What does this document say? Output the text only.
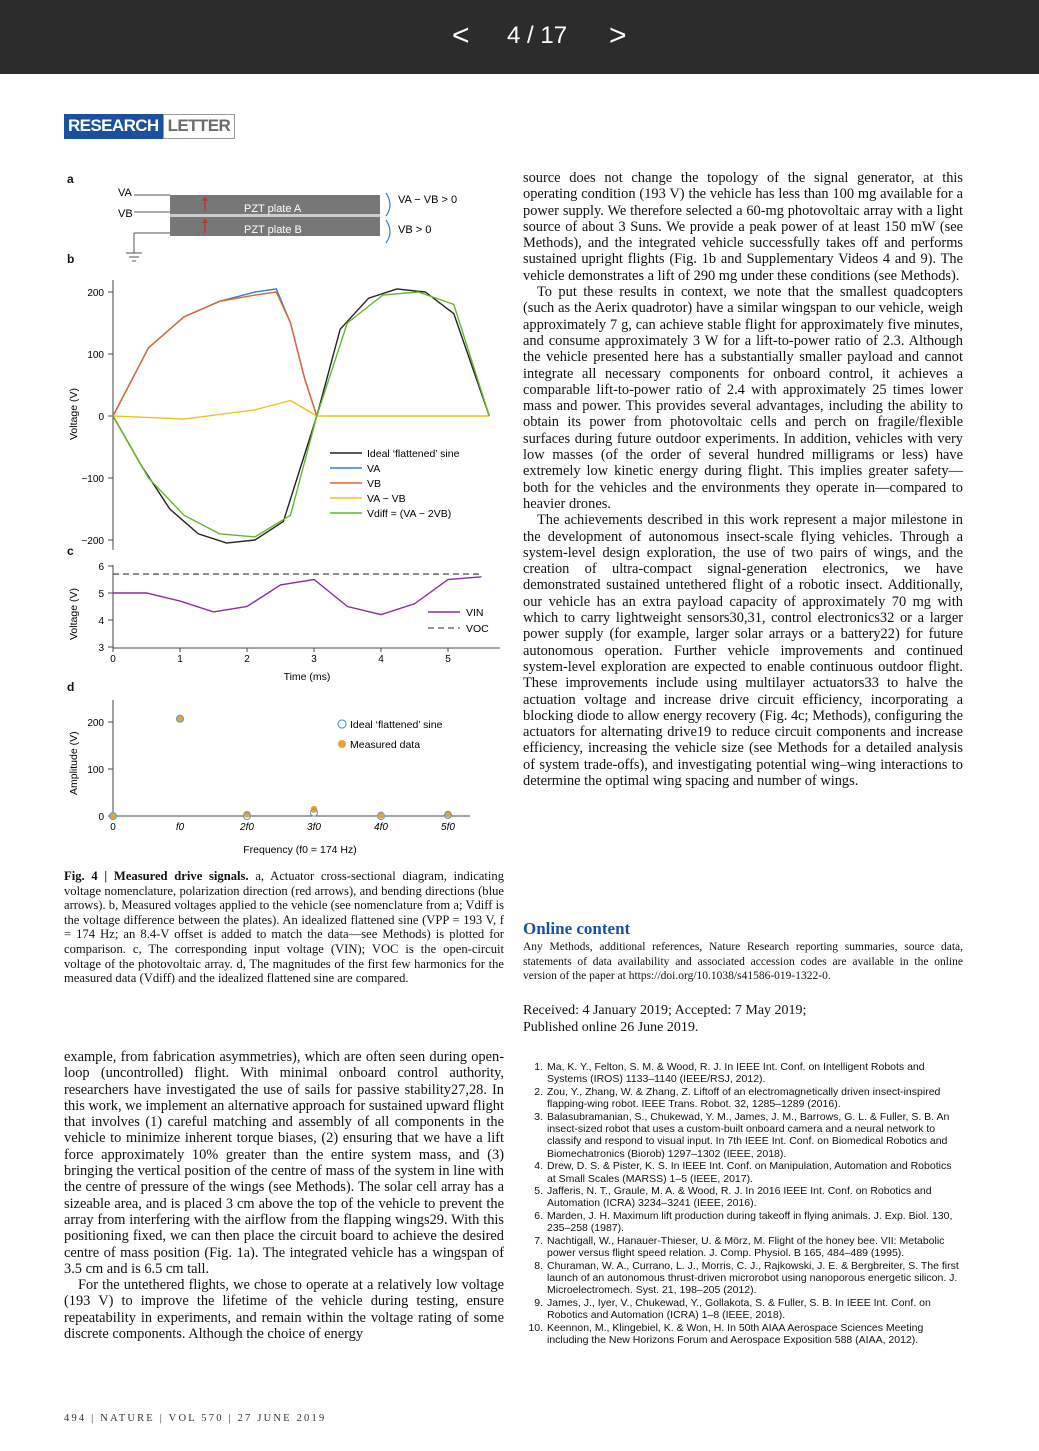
< 4 / 17 >
RESEARCH LETTER
a
b
c
d
VA
VB	PZT plate A
PZT plate B
VA − VB > 0
VB > 0
200
100
0
−100
−200
Voltage (V)
Ideal ‘flattened’ sine
VA
VB
VA − VB
Vdiff = (VA − 2VB)
6
5
4
3
0	1	2	3	4	5
Time (ms)
Voltage (V)	VIN
VOC
200
100
0
0	f0	2f0	3f0	4f0	5f0
Frequency (f0 = 174 Hz)
Amplitude (V)
Ideal ‘flattened’ sine
Measured data
Fig. 4 | Measured drive signals. a, Actuator cross-sectional diagram, indicating voltage nomenclature, polarization direction (red arrows), and bending directions (blue arrows). b, Measured voltages applied to the vehicle (see nomenclature from a; Vdiff is the voltage difference between the plates). An idealized flattened sine (VPP = 193 V, f = 174 Hz; an 8.4-V offset is added to match the data—see Methods) is plotted for comparison. c, The corresponding input voltage (VIN); VOC is the open-circuit voltage of the photovoltaic array. d, The magnitudes of the first few harmonics for the measured data (Vdiff) and the idealized flattened sine are compared.

example, from fabrication asymmetries), which are often seen during open-loop (uncontrolled) flight. With minimal onboard control authority, researchers have investigated the use of sails for passive stability27,28. In this work, we implement an alternative approach for sustained upward flight that involves (1) careful matching and assembly of all components in the vehicle to minimize inherent torque biases, (2) ensuring that we have a lift force approximately 10% greater than the entire system mass, and (3) bringing the vertical position of the centre of mass of the system in line with the centre of pressure of the wings (see Methods). The solar cell array has a sizeable area, and is placed 3 cm above the top of the vehicle to prevent the array from interfering with the airflow from the flapping wings29. With this positioning fixed, we can then place the circuit board to achieve the desired centre of mass position (Fig. 1a). The integrated vehicle has a wingspan of 3.5 cm and is 6.5 cm tall.

For the untethered flights, we chose to operate at a relatively low voltage (193 V) to improve the lifetime of the vehicle during testing, ensure repeatability in experiments, and remain within the voltage rating of some discrete components. Although the choice of energy

source does not change the topology of the signal generator, at this operating condition (193 V) the vehicle has less than 100 mg available for a power supply. We therefore selected a 60-mg photovoltaic array with a light source of about 3 Suns. We provide a peak power of at least 150 mW (see Methods), and the integrated vehicle successfully takes off and performs sustained upright flights (Fig. 1b and Supplementary Videos 4 and 9). The vehicle demonstrates a lift of 290 mg under these conditions (see Methods).

To put these results in context, we note that the smallest quadcopters (such as the Aerix quadrotor) have a similar wingspan to our vehicle, weigh approximately 7 g, can achieve stable flight for approximately five minutes, and consume approximately 3 W for a lift-to-power ratio of 2.3. Although the vehicle presented here has a substantially smaller payload and cannot integrate all necessary components for onboard control, it achieves a comparable lift-to-power ratio of 2.4 with approximately 25 times lower mass and power. This provides several advantages, including the ability to obtain its power from photovoltaic cells and perch on fragile/flexible surfaces during future outdoor experiments. In addition, vehicles with very low masses (of the order of several hundred milligrams or less) have extremely low kinetic energy during flight. This implies greater safety—both for the vehicles and the environments they operate in—compared to heavier drones.

The achievements described in this work represent a major milestone in the development of autonomous insect-scale flying vehicles. Through a system-level design exploration, the use of two pairs of wings, and the creation of ultra-compact signal-generation electronics, we have demonstrated sustained untethered flight of a robotic insect. Additionally, our vehicle has an extra payload capacity of approximately 70 mg with which to carry lightweight sensors30,31, control electronics32 or a larger power supply (for example, larger solar arrays or a battery22) for future autonomous operation. Further vehicle improvements and continued system-level exploration are expected to enable continuous outdoor flight. These improvements include using multilayer actuators33 to halve the actuation voltage and increase drive circuit efficiency, incorporating a blocking diode to allow energy recovery (Fig. 4c; Methods), configuring the actuators for alternating drive19 to reduce circuit components and increase efficiency, increasing the vehicle size (see Methods for a detailed analysis of system trade-offs), and investigating potential wing–wing interactions to determine the optimal wing spacing and number of wings.

Online content
Any Methods, additional references, Nature Research reporting summaries, source data, statements of data availability and associated accession codes are available in the online version of the paper at https://doi.org/10.1038/s41586-019-1322-0.
Received: 4 January 2019; Accepted: 7 May 2019;
Published online 26 June 2019.
1. Ma, K. Y., Felton, S. M. & Wood, R. J. In IEEE Int. Conf. on Intelligent Robots and Systems (IROS) 1133–1140 (IEEE/RSJ, 2012).
2. Zou, Y., Zhang, W. & Zhang, Z. Liftoff of an electromagnetically driven insect-inspired flapping-wing robot. IEEE Trans. Robot. 32, 1285–1289 (2016).
3. Balasubramanian, S., Chukewad, Y. M., James, J. M., Barrows, G. L. & Fuller, S. B. An insect-sized robot that uses a custom-built onboard camera and a neural network to classify and respond to visual input. In 7th IEEE Int. Conf. on Biomedical Robotics and Biomechatronics (Biorob) 1297–1302 (IEEE, 2018).
4. Drew, D. S. & Pister, K. S. In IEEE Int. Conf. on Manipulation, Automation and Robotics at Small Scales (MARSS) 1–5 (IEEE, 2017).
5. Jafferis, N. T., Graule, M. A. & Wood, R. J. In 2016 IEEE Int. Conf. on Robotics and Automation (ICRA) 3234–3241 (IEEE, 2016).
6. Marden, J. H. Maximum lift production during takeoff in flying animals. J. Exp. Biol. 130, 235–258 (1987).
7. Nachtigall, W., Hanauer-Thieser, U. & Mörz, M. Flight of the honey bee. VII: Metabolic power versus flight speed relation. J. Comp. Physiol. B 165, 484–489 (1995).
8. Churaman, W. A., Currano, L. J., Morris, C. J., Rajkowski, J. E. & Bergbreiter, S. The first launch of an autonomous thrust-driven microrobot using nanoporous energetic silicon. J. Microelectromech. Syst. 21, 198–205 (2012).
9. James, J., Iyer, V., Chukewad, Y., Gollakota, S. & Fuller, S. B. In IEEE Int. Conf. on Robotics and Automation (ICRA) 1–8 (IEEE, 2018).
10. Keennon, M., Klingebiel, K. & Won, H. In 50th AIAA Aerospace Sciences Meeting including the New Horizons Forum and Aerospace Exposition 588 (AIAA, 2012).
494 | NATURE | VOL 570 | 27 JUNE 2019
